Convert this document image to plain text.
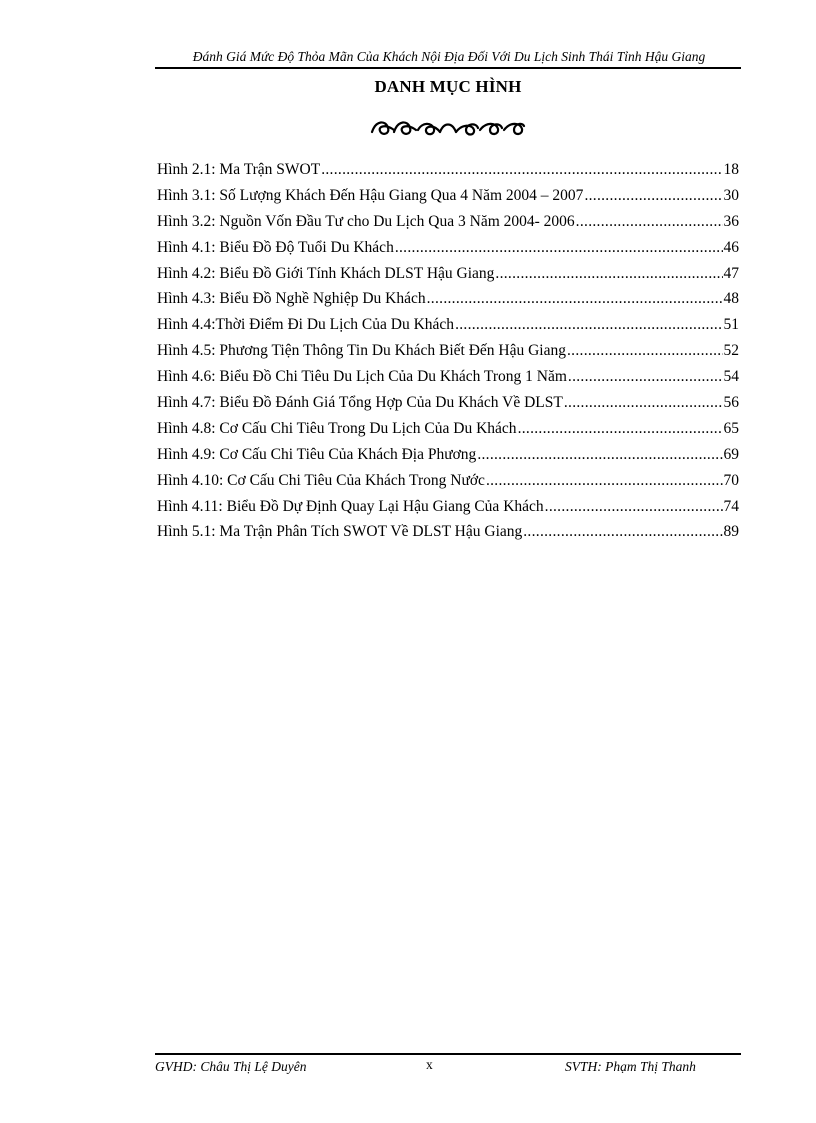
Đánh Giá Mức Độ Thỏa Mãn Của Khách Nội Địa Đối Với Du Lịch Sinh Thái Tỉnh Hậu Giang
DANH MỤC HÌNH
Hình 2.1: Ma Trận SWOT .....	18
Hình 3.1: Số Lượng Khách Đến Hậu Giang Qua 4 Năm 2004 – 2007 .....	30
Hình 3.2: Nguồn Vốn Đầu Tư cho Du Lịch Qua 3 Năm 2004- 2006 .....	36
Hình 4.1: Biểu Đồ Độ Tuổi Du Khách .....	46
Hình 4.2: Biểu Đồ Giới Tính Khách DLST Hậu Giang .....	47
Hình 4.3: Biểu Đồ Nghề Nghiệp Du Khách .....	48
Hình 4.4:Thời Điểm Đi Du Lịch Của Du Khách .....	51
Hình 4.5: Phương Tiện Thông Tin Du Khách Biết Đến Hậu Giang .....	52
Hình 4.6: Biểu Đồ Chi Tiêu Du Lịch Của Du Khách Trong 1 Năm .....	54
Hình 4.7: Biểu Đồ Đánh Giá Tổng Hợp Của Du Khách Về DLST .....	56
Hình 4.8: Cơ Cấu Chi Tiêu Trong Du Lịch Của Du Khách .....	65
Hình 4.9: Cơ Cấu Chi Tiêu Của Khách Địa Phương .....	69
Hình 4.10: Cơ Cấu Chi Tiêu Của Khách Trong Nước .....	70
Hình 4.11: Biểu Đồ Dự Định Quay Lại Hậu Giang Của Khách .....	74
Hình 5.1: Ma Trận Phân Tích SWOT Về DLST Hậu Giang .....	89
GVHD: Châu Thị Lệ Duyên	x	SVTH: Phạm Thị Thanh
